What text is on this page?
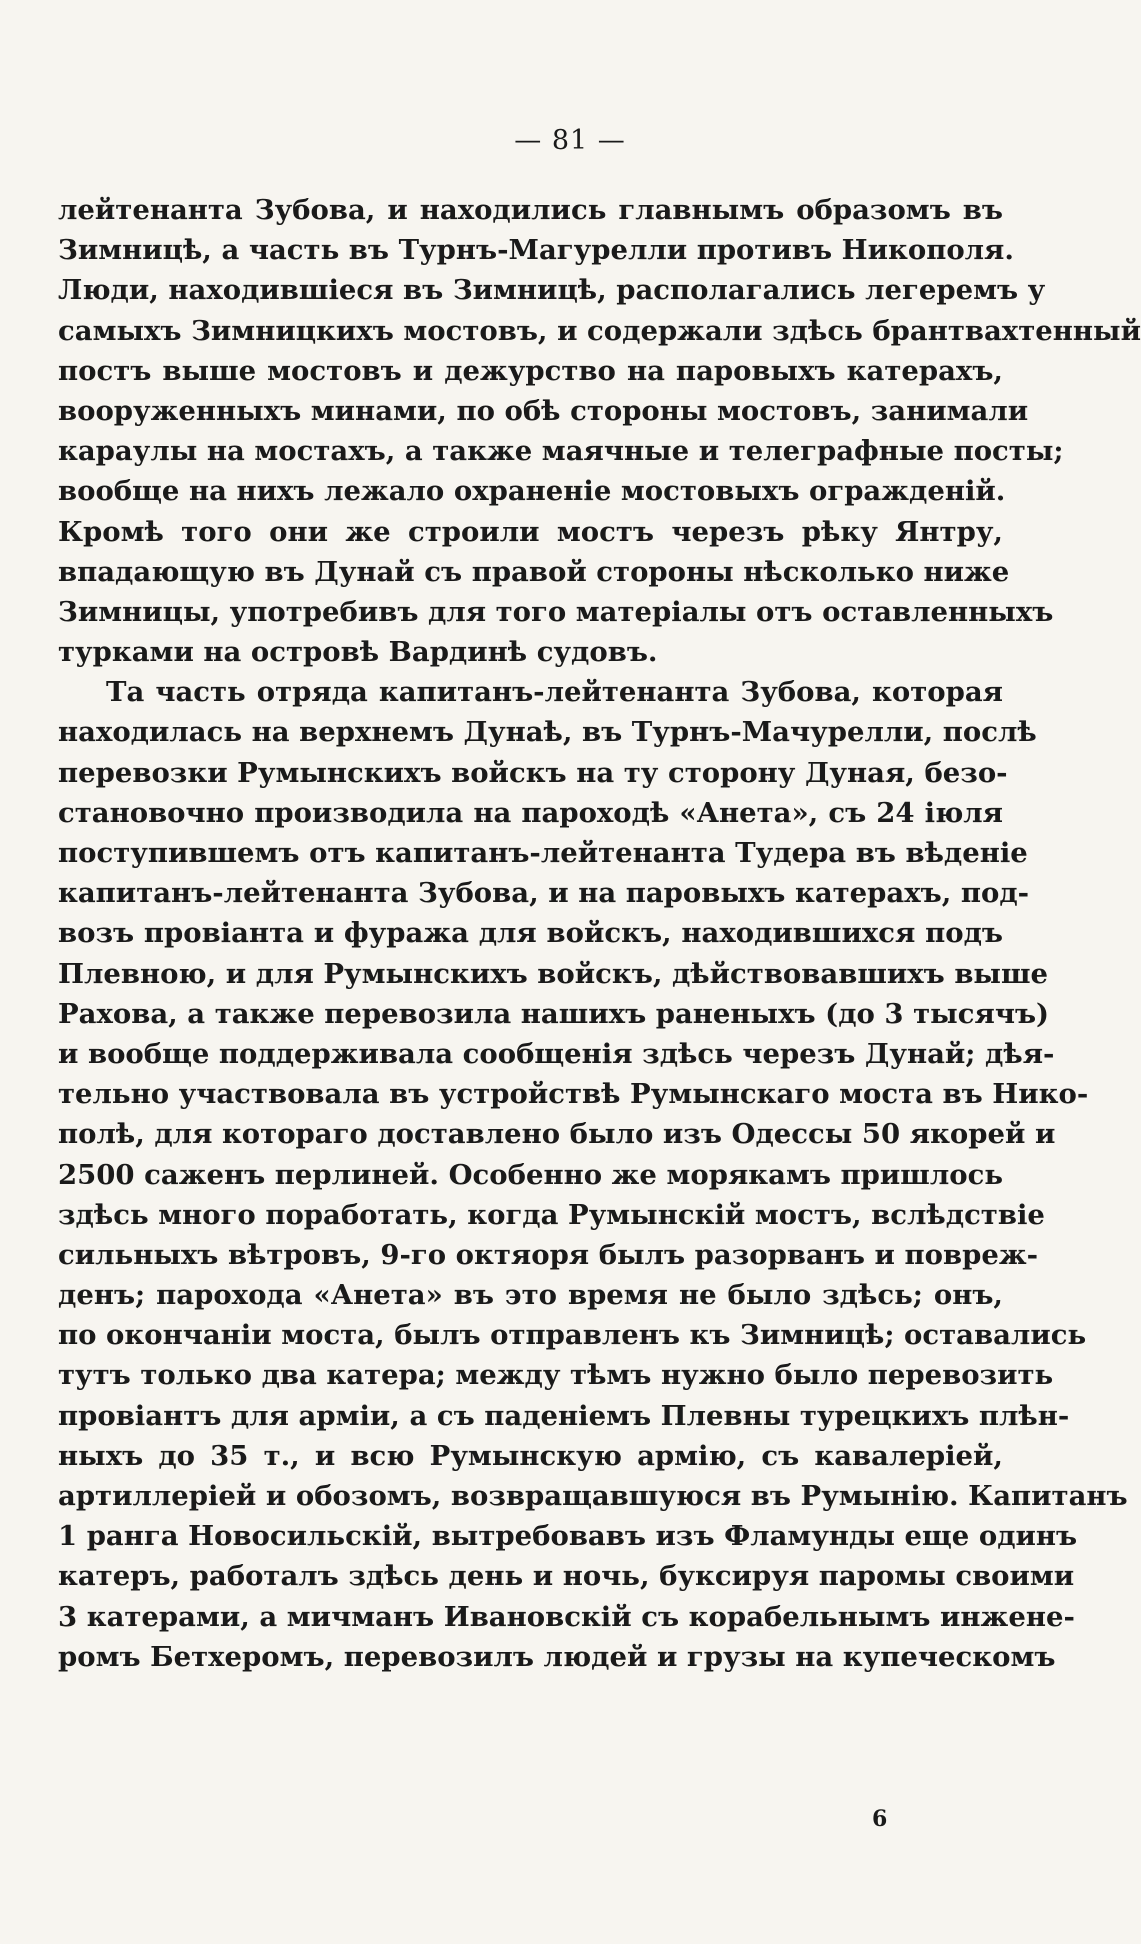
— 81 —
лейтенанта Зубова, и находились главнымъ образомъ въ
Зимницѣ, а часть въ Турнъ-Магурелли противъ Никополя.
Люди, находившiеся въ Зимницѣ, располагались легеремъ у
самыхъ Зимницкихъ мостовъ, и содержали здѣсь брантвахтенный
постъ выше мостовъ и дежурство на паровыхъ катерахъ,
вооруженныхъ минами, по обѣ стороны мостовъ, занимали
караулы на мостахъ, а также маячные и телеграфные посты;
вообще на нихъ лежало охраненiе мостовыхъ огражденiй.
Кромѣ того они же строили мостъ черезъ рѣку Янтру,
впадающую въ Дунай съ правой стороны нѣсколько ниже
Зимницы, употребивъ для того матерiалы отъ оставленныхъ
турками на островѣ Вардинѣ судовъ.
Та часть отряда капитанъ-лейтенанта Зубова, которая
находилась на верхнемъ Дунаѣ, въ Турнъ-Мачурелли, послѣ
перевозки Румынскихъ войскъ на ту сторону Дуная, безо-
становочно производила на пароходѣ «Анета», съ 24 iюля
поступившемъ отъ капитанъ-лейтенанта Тудера въ вѣденiе
капитанъ-лейтенанта Зубова, и на паровыхъ катерахъ, под-
возъ провiанта и фуража для войскъ, находившихся подъ
Плевною, и для Румынскихъ войскъ, дѣйствовавшихъ выше
Рахова, а также перевозила нашихъ раненыхъ (до 3 тысячъ)
и вообще поддерживала сообщенiя здѣсь черезъ Дунай; дѣя-
тельно участвовала въ устройствѣ Румынскаго моста въ Нико-
полѣ, для котораго доставлено было изъ Одессы 50 якорей и
2500 саженъ перлиней. Особенно же морякамъ пришлось
здѣсь много поработать, когда Румынскiй мостъ, вслѣдствiе
сильныхъ вѣтровъ, 9-го октяоря былъ разорванъ и повреж-
денъ; парохода «Анета» въ это время не было здѣсь; онъ,
по окончанiи моста, былъ отправленъ къ Зимницѣ; оставались
тутъ только два катера; между тѣмъ нужно было перевозить
провiантъ для армiи, а съ паденiемъ Плевны турецкихъ плѣн-
ныхъ до 35 т., и всю Румынскую армiю, съ кавалерiей,
артиллерiей и обозомъ, возвращавшуюся въ Румынiю. Капитанъ
1 ранга Новосильскiй, вытребовавъ изъ Фламунды еще одинъ
катеръ, работалъ здѣсь день и ночь, буксируя паромы своими
3 катерами, а мичманъ Ивановскiй съ корабельнымъ инжене-
ромъ Бетхеромъ, перевозилъ людей и грузы на купеческомъ
6
